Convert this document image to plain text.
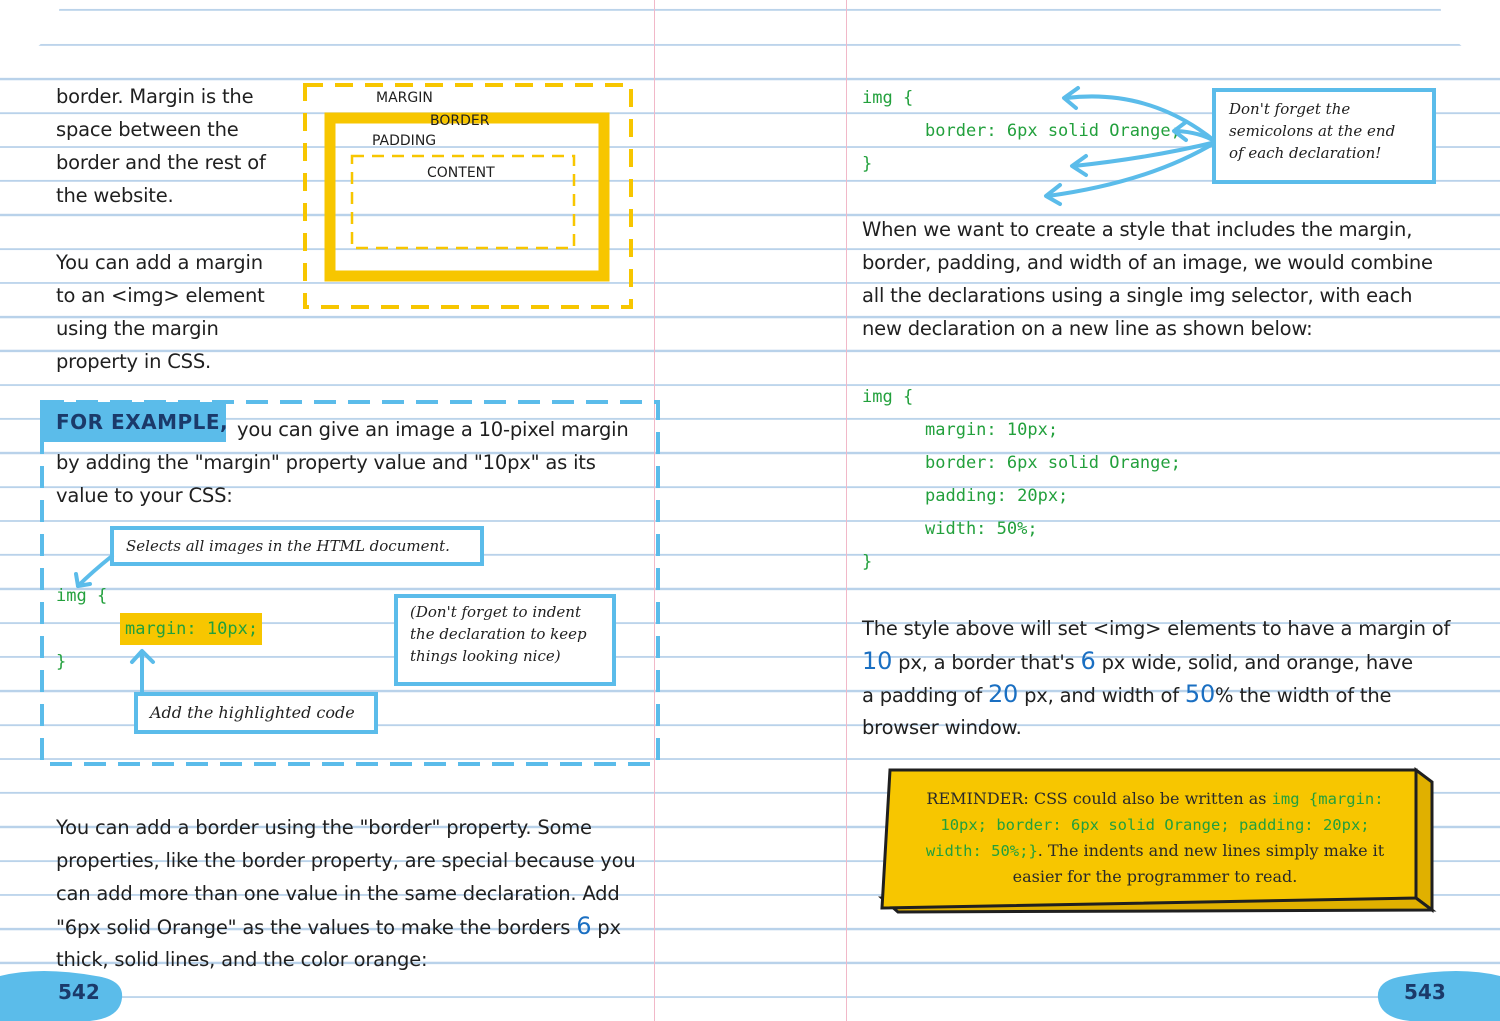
border. Margin is the
space between the
border and the rest of
the website.
You can add a margin
to an <img> element
using the margin
property in CSS.
MARGIN
BORDER
PADDING
CONTENT
FOR EXAMPLE, you can give an image a 10-pixel margin
by adding the "margin" property value and "10px" as its
value to your CSS:
Selects all images in the HTML document.
img {
margin: 10px;
}
(Don't forget to indent
the declaration to keep
things looking nice)
Add the highlighted code
You can add a border using the "border" property. Some
properties, like the border property, are special because you
can add more than one value in the same declaration. Add
"6px solid Orange" as the values to make the borders 6 px
thick, solid lines, and the color orange:
542
img {
border: 6px solid Orange;
}
Don't forget the
semicolons at the end
of each declaration!
When we want to create a style that includes the margin,
border, padding, and width of an image, we would combine
all the declarations using a single img selector, with each
new declaration on a new line as shown below:
img {
margin: 10px;
border: 6px solid Orange;
padding: 20px;
width: 50%;
}
The style above will set <img> elements to have a margin of
10 px, a border that's 6 px wide, solid, and orange, have
a padding of 20 px, and width of 50% the width of the
browser window.
REMINDER: CSS could also be written as img {margin: 10px; border: 6px solid Orange; padding: 20px; width: 50%;}. The indents and new lines simply make it easier for the programmer to read.
543
